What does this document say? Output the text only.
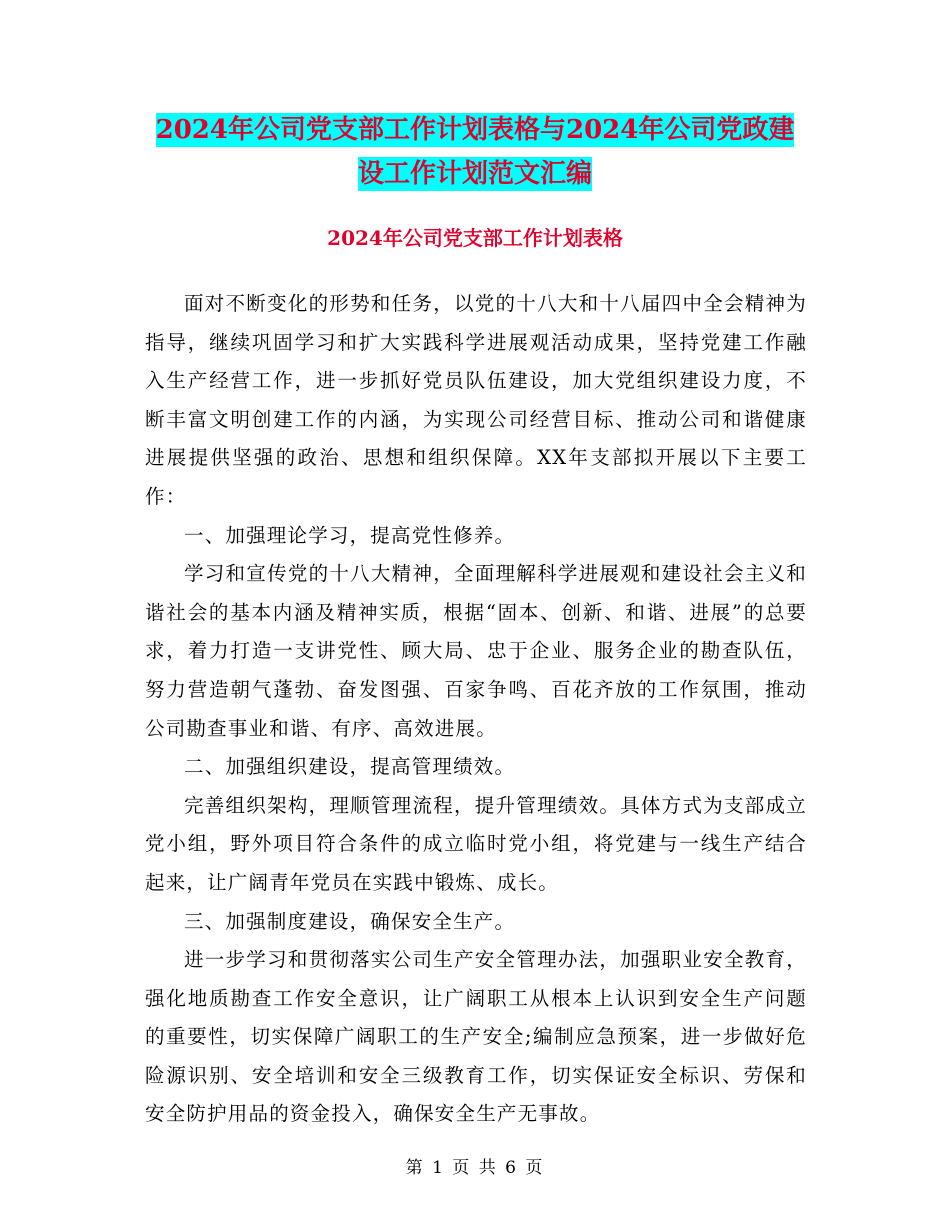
2024年公司党支部工作计划表格与2024年公司党政建
设工作计划范文汇编
2024年公司党支部工作计划表格

面对不断变化的形势和任务，以党的十八大和十八届四中全会精神为指导，继续巩固学习和扩大实践科学进展观活动成果，坚持党建工作融入生产经营工作，进一步抓好党员队伍建设，加大党组织建设力度，不断丰富文明创建工作的内涵，为实现公司经营目标、推动公司和谐健康进展提供坚强的政治、思想和组织保障。XX年支部拟开展以下主要工作：

一、加强理论学习，提高党性修养。

学习和宣传党的十八大精神，全面理解科学进展观和建设社会主义和谐社会的基本内涵及精神实质，根据“固本、创新、和谐、进展”的总要求，着力打造一支讲党性、顾大局、忠于企业、服务企业的勘查队伍，努力营造朝气蓬勃、奋发图强、百家争鸣、百花齐放的工作氛围，推动公司勘查事业和谐、有序、高效进展。

二、加强组织建设，提高管理绩效。

完善组织架构，理顺管理流程，提升管理绩效。具体方式为支部成立党小组，野外项目符合条件的成立临时党小组，将党建与一线生产结合起来，让广阔青年党员在实践中锻炼、成长。

三、加强制度建设，确保安全生产。

进一步学习和贯彻落实公司生产安全管理办法，加强职业安全教育，强化地质勘查工作安全意识，让广阔职工从根本上认识到安全生产问题的重要性，切实保障广阔职工的生产安全;编制应急预案，进一步做好危险源识别、安全培训和安全三级教育工作，切实保证安全标识、劳保和安全防护用品的资金投入，确保安全生产无事故。

第 1 页 共 6 页
